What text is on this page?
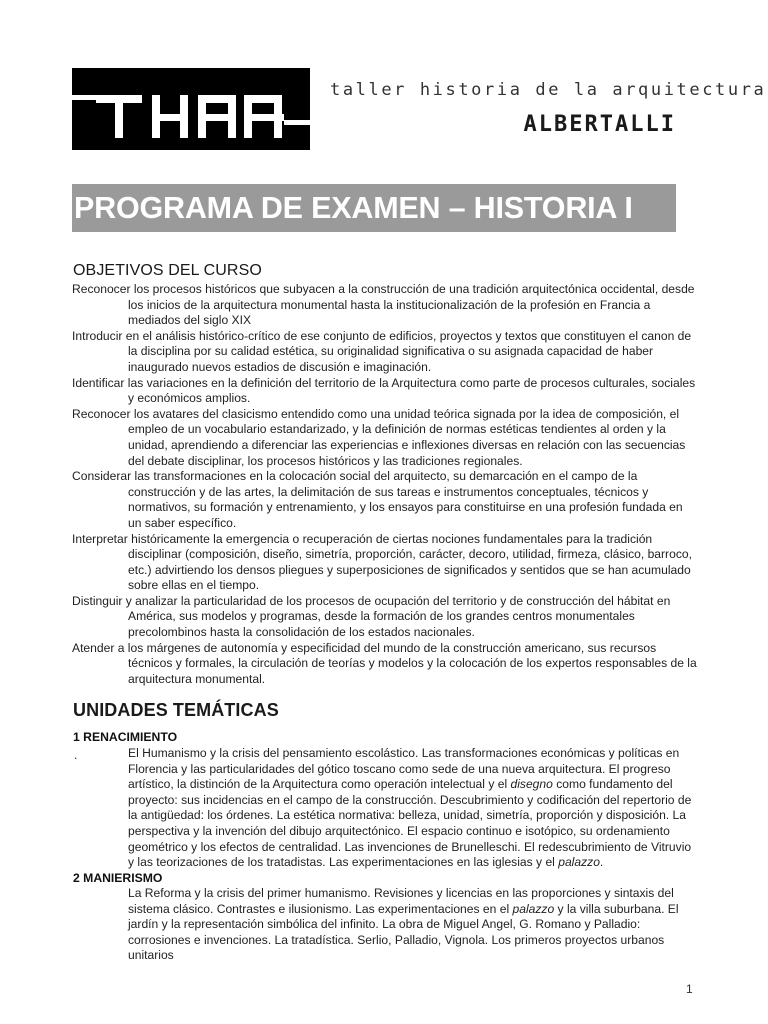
taller historia de la arquitectura
ALBERTALLI
PROGRAMA DE EXAMEN – HISTORIA I
OBJETIVOS DEL CURSO

Reconocer los procesos históricos que subyacen a la construcción de una tradición arquitectónica occidental, desde los inicios de la arquitectura monumental hasta la institucionalización de la profesión en Francia a mediados del siglo XIX

Introducir en el análisis histórico-crítico de ese conjunto de edificios, proyectos y textos que constituyen el canon de la disciplina por su calidad estética, su originalidad significativa o su asignada capacidad de haber inaugurado nuevos estadios de discusión e imaginación.

Identificar las variaciones en la definición del territorio de la Arquitectura como parte de procesos culturales, sociales y económicos amplios.

Reconocer los avatares del clasicismo entendido como una unidad teórica signada por la idea de composición, el empleo de un vocabulario estandarizado, y la definición de normas estéticas tendientes al orden y la unidad, aprendiendo a diferenciar las experiencias e inflexiones diversas en relación con las secuencias del debate disciplinar, los procesos históricos y las tradiciones regionales.

Considerar las transformaciones en la colocación social del arquitecto, su demarcación en el campo de la construcción y de las artes, la delimitación de sus tareas e instrumentos conceptuales, técnicos y normativos, su formación y entrenamiento, y los ensayos para constituirse en una profesión fundada en un saber específico.

Interpretar históricamente la emergencia o recuperación de ciertas nociones fundamentales para la tradición disciplinar (composición, diseño, simetría, proporción, carácter, decoro, utilidad, firmeza, clásico, barroco, etc.) advirtiendo los densos pliegues y superposiciones de significados y sentidos que se han acumulado sobre ellas en el tiempo.

Distinguir y analizar la particularidad de los procesos de ocupación del territorio y de construcción del hábitat en América, sus modelos y programas, desde la formación de los grandes centros monumentales precolombinos hasta la consolidación de los estados nacionales.

Atender a los márgenes de autonomía y especificidad del mundo de la construcción americano, sus recursos técnicos y formales, la circulación de teorías y modelos y la colocación de los expertos responsables de la arquitectura monumental.

UNIDADES TEMÁTICAS
1 RENACIMIENTO
.	El Humanismo y la crisis del pensamiento escolástico. Las transformaciones económicas y políticas en Florencia y las particularidades del gótico toscano como sede de una nueva arquitectura. El progreso artístico, la distinción de la Arquitectura como operación intelectual y el disegno como fundamento del proyecto: sus incidencias en el campo de la construcción. Descubrimiento y codificación del repertorio de la antigüedad: los órdenes. La estética normativa: belleza, unidad, simetría, proporción y disposición. La perspectiva y la invención del dibujo arquitectónico. El espacio continuo e isotópico, su ordenamiento geométrico y los efectos de centralidad. Las invenciones de Brunelleschi. El redescubrimiento de Vitruvio y las teorizaciones de los tratadistas. Las experimentaciones en las iglesias y el palazzo.
2 MANIERISMO
La Reforma y la crisis del primer humanismo. Revisiones y licencias en las proporciones y sintaxis del sistema clásico. Contrastes e ilusionismo. Las experimentaciones en el palazzo y la villa suburbana. El jardín y la representación simbólica del infinito. La obra de Miguel Angel, G. Romano y Palladio: corrosiones e invenciones. La tratadística. Serlio, Palladio, Vignola. Los primeros proyectos urbanos unitarios
1
